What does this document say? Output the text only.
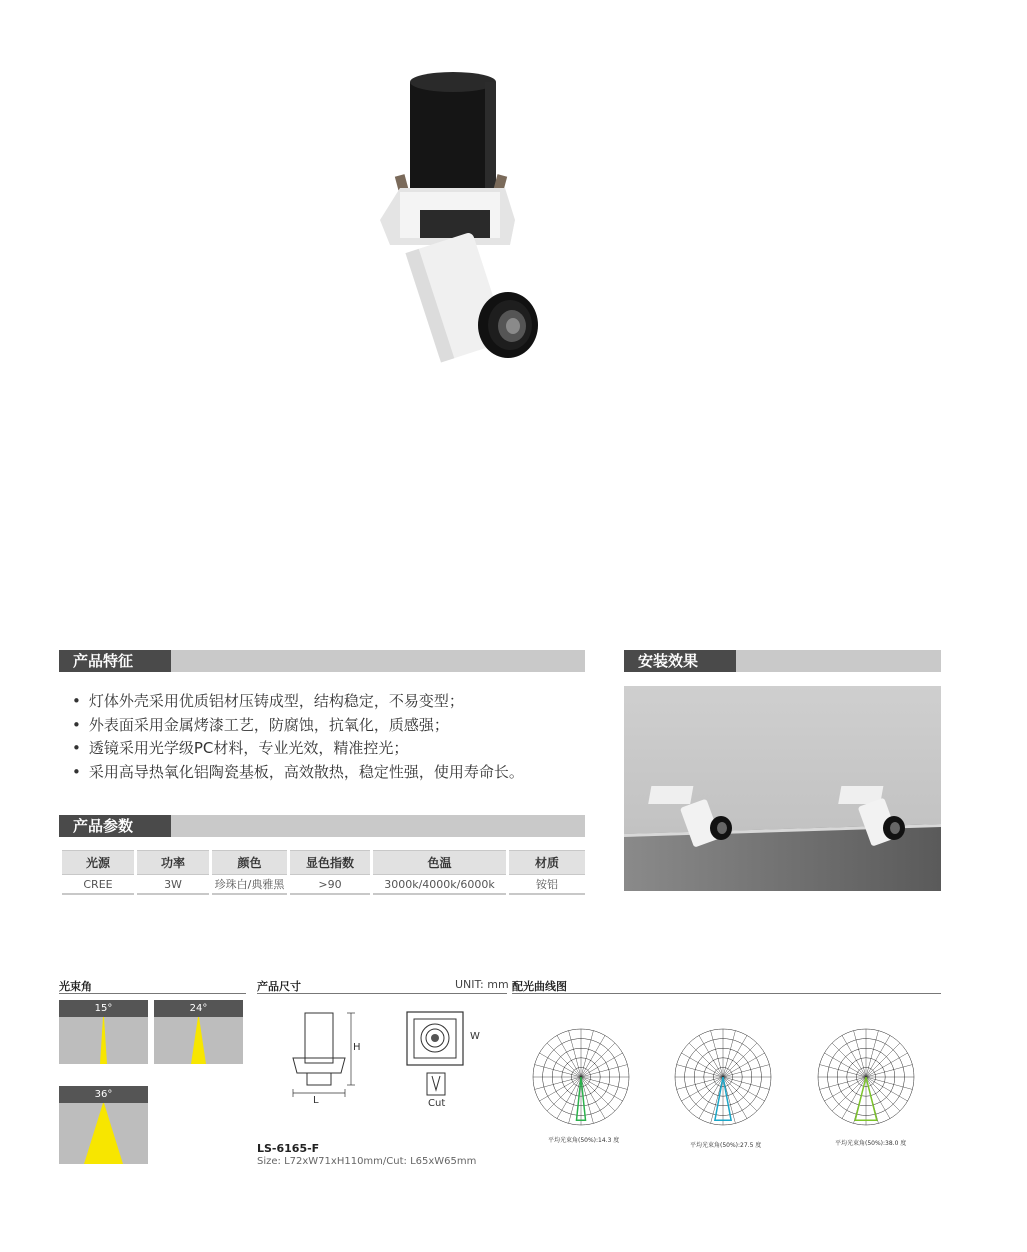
产品特征
• 灯体外壳采用优质铝材压铸成型，结构稳定，不易变型；
• 外表面采用金属烤漆工艺，防腐蚀，抗氧化，质感强；
• 透镜采用光学级PC材料，专业光效，精准控光；
• 采用高导热氧化铝陶瓷基板，高效散热，稳定性强，使用寿命长。
安装效果
产品参数
光源	功率	颜色	显色指数	色温	材质
CREE	3W	珍珠白/典雅黑	>90	3000k/4000k/6000k	铵铝
光束角
15°	24°
36°
产品尺寸	UNIT: mm
H
L
W
Cut
LS-6165-F
Size: L72xW71xH110mm/Cut: L65xW65mm
配光曲线图
平均光束角(50%):14.3 度
平均光束角(50%):27.5 度	平均光束角(50%):38.0 度
